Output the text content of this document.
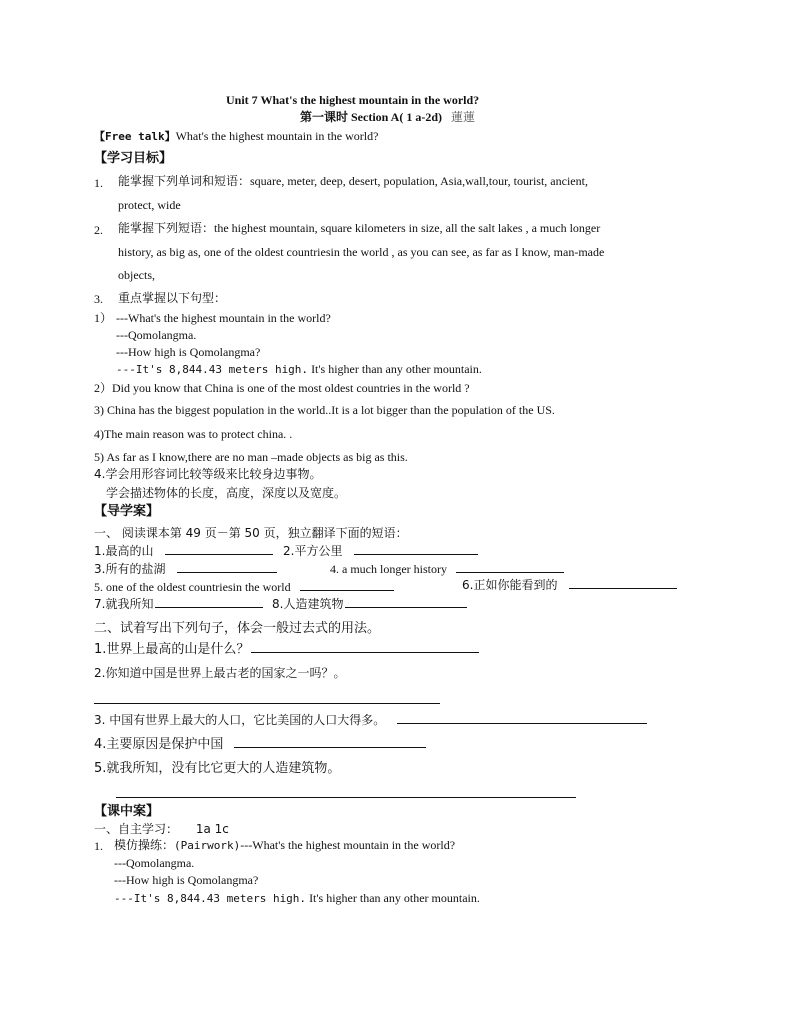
Unit 7 What's the highest mountain in the world?
第一课时 Section A( 1 a-2d) 蓮蓮
【Free talk】What's the highest mountain in the world?
【学习目标】
1. 能掌握下列单词和短语：square, meter, deep, desert, population, Asia,wall,tour, tourist, ancient,
protect, wide
2. 能掌握下列短语：the highest mountain, square kilometers in size, all the salt lakes , a much longer
history, as big as, one of the oldest countriesin the world , as you can see, as far as I know, man-made
objects,
3. 重点掌握以下句型：
1） ---What's the highest mountain in the world?
---Qomolangma.
---How high is Qomolangma?
---It's 8,844.43 meters high. It's higher than any other mountain.
2）Did you know that China is one of the most oldest countries in the world ?
3) China has the biggest population in the world..It is a lot bigger than the population of the US.
4)The main reason was to protect china. .
5) As far as I know,there are no man –made objects as big as this.
4.学会用形容词比较等级来比较身边事物。
学会描述物体的长度，高度，深度以及宽度。
【导学案】
一、 阅读课本第 49 页－第 50 页，独立翻译下面的短语：
1.最高的山	2.平方公里
3.所有的盐湖	4. a much longer history
5. one of the oldest countriesin the world	6.正如你能看到的
7.就我所知	8.人造建筑物
二、试着写出下列句子，体会一般过去式的用法。
1.世界上最高的山是什么？
2.你知道中国是世界上最古老的国家之一吗？。
3. 中国有世界上最大的人口，它比美国的人口大得多。
4.主要原因是保护中国
5.就我所知，没有比它更大的人造建筑物。
【课中案】
一、自主学习： 1a 1c
1. 模仿操练：(Pairwork)---What's the highest mountain in the world?
---Qomolangma.
---How high is Qomolangma?
---It's 8,844.43 meters high. It's higher than any other mountain.
